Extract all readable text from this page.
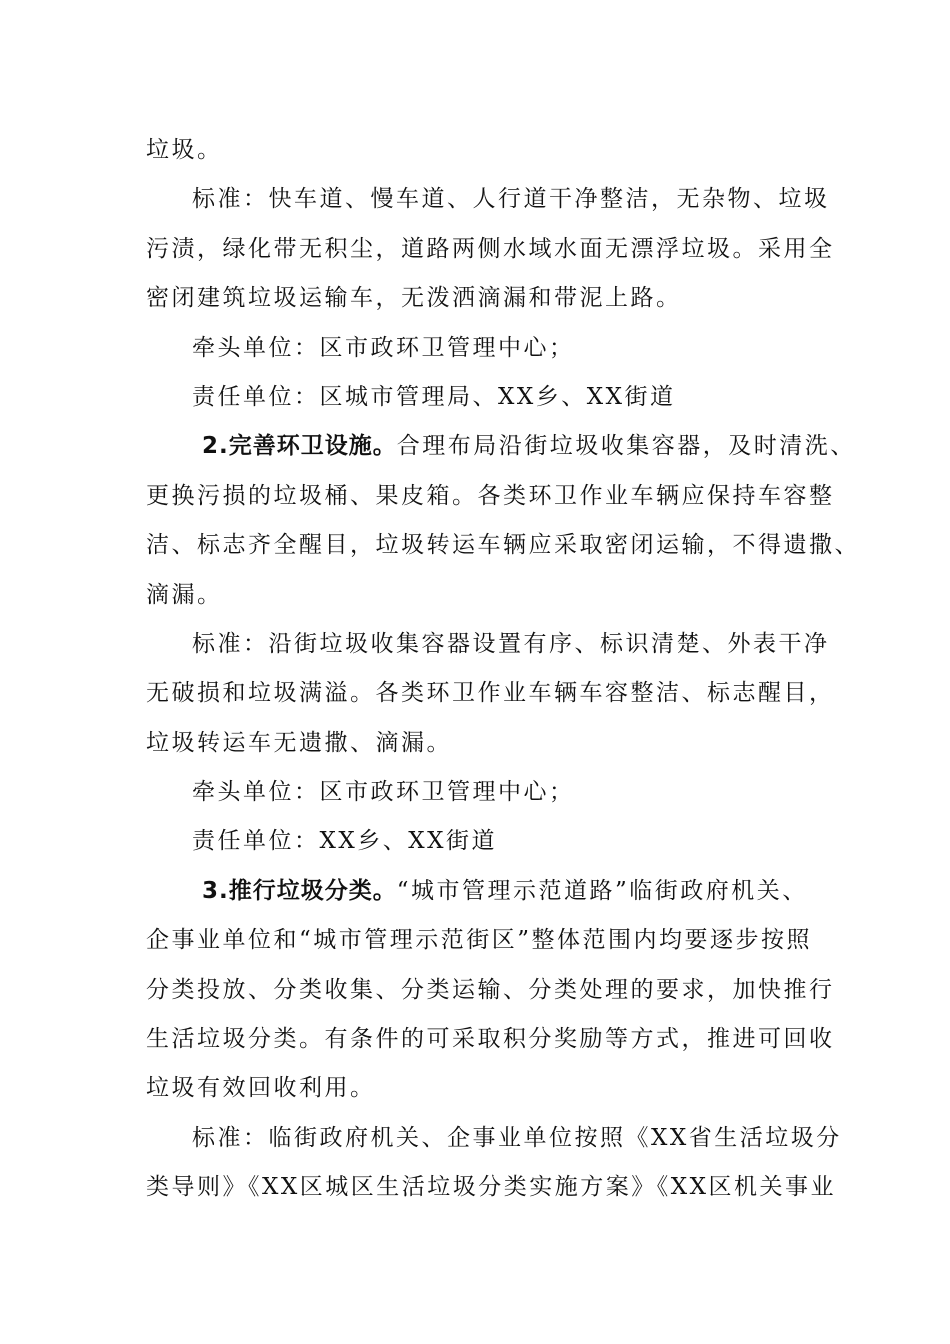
垃圾。
标准：快车道、慢车道、人行道干净整洁，无杂物、垃圾
污渍，绿化带无积尘，道路两侧水域水面无漂浮垃圾。采用全
密闭建筑垃圾运输车，无泼洒滴漏和带泥上路。
牵头单位：区市政环卫管理中心；
责任单位：区城市管理局、XX乡、XX街道
2.完善环卫设施。合理布局沿街垃圾收集容器，及时清洗、
更换污损的垃圾桶、果皮箱。各类环卫作业车辆应保持车容整
洁、标志齐全醒目，垃圾转运车辆应采取密闭运输，不得遗撒、
滴漏。
标准：沿街垃圾收集容器设置有序、标识清楚、外表干净
无破损和垃圾满溢。各类环卫作业车辆车容整洁、标志醒目，
垃圾转运车无遗撒、滴漏。
牵头单位：区市政环卫管理中心；
责任单位：XX乡、XX街道
3.推行垃圾分类。“城市管理示范道路”临街政府机关、
企事业单位和“城市管理示范街区”整体范围内均要逐步按照
分类投放、分类收集、分类运输、分类处理的要求，加快推行
生活垃圾分类。有条件的可采取积分奖励等方式，推进可回收
垃圾有效回收利用。
标准：临街政府机关、企事业单位按照《XX省生活垃圾分
类导则》《XX区城区生活垃圾分类实施方案》《XX区机关事业
